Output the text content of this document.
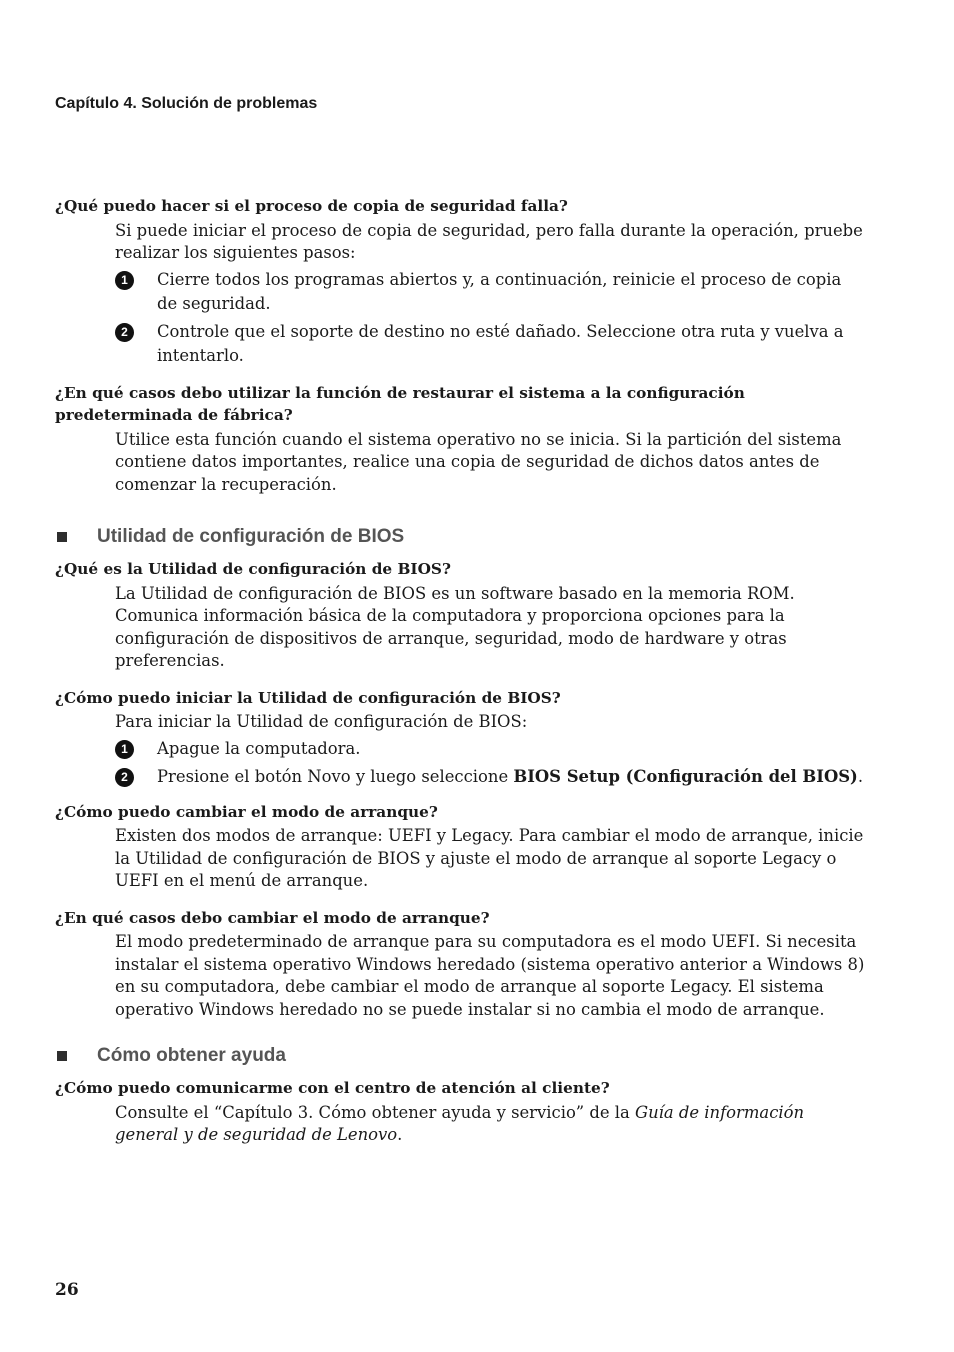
Capítulo 4. Solución de problemas

¿Qué puedo hacer si el proceso de copia de seguridad falla?

Si puede iniciar el proceso de copia de seguridad, pero falla durante la operación, pruebe realizar los siguientes pasos:

1	Cierre todos los programas abiertos y, a continuación, reinicie el proceso de copia de seguridad.
2	Controle que el soporte de destino no esté dañado. Seleccione otra ruta y vuelva a intentarlo.

¿En qué casos debo utilizar la función de restaurar el sistema a la configuración predeterminada de fábrica?

Utilice esta función cuando el sistema operativo no se inicia. Si la partición del sistema contiene datos importantes, realice una copia de seguridad de dichos datos antes de comenzar la recuperación.

Utilidad de configuración de BIOS

¿Qué es la Utilidad de configuración de BIOS?

La Utilidad de configuración de BIOS es un software basado en la memoria ROM. Comunica información básica de la computadora y proporciona opciones para la configuración de dispositivos de arranque, seguridad, modo de hardware y otras preferencias.

¿Cómo puedo iniciar la Utilidad de configuración de BIOS?

Para iniciar la Utilidad de configuración de BIOS:

1	Apague la computadora.
2	Presione el botón Novo y luego seleccione BIOS Setup (Configuración del BIOS).

¿Cómo puedo cambiar el modo de arranque?

Existen dos modos de arranque: UEFI y Legacy. Para cambiar el modo de arranque, inicie la Utilidad de configuración de BIOS y ajuste el modo de arranque al soporte Legacy o UEFI en el menú de arranque.

¿En qué casos debo cambiar el modo de arranque?

El modo predeterminado de arranque para su computadora es el modo UEFI. Si necesita instalar el sistema operativo Windows heredado (sistema operativo anterior a Windows 8) en su computadora, debe cambiar el modo de arranque al soporte Legacy. El sistema operativo Windows heredado no se puede instalar si no cambia el modo de arranque.

Cómo obtener ayuda

¿Cómo puedo comunicarme con el centro de atención al cliente?

Consulte el “Capítulo 3. Cómo obtener ayuda y servicio” de la Guía de información general y de seguridad de Lenovo.

26
